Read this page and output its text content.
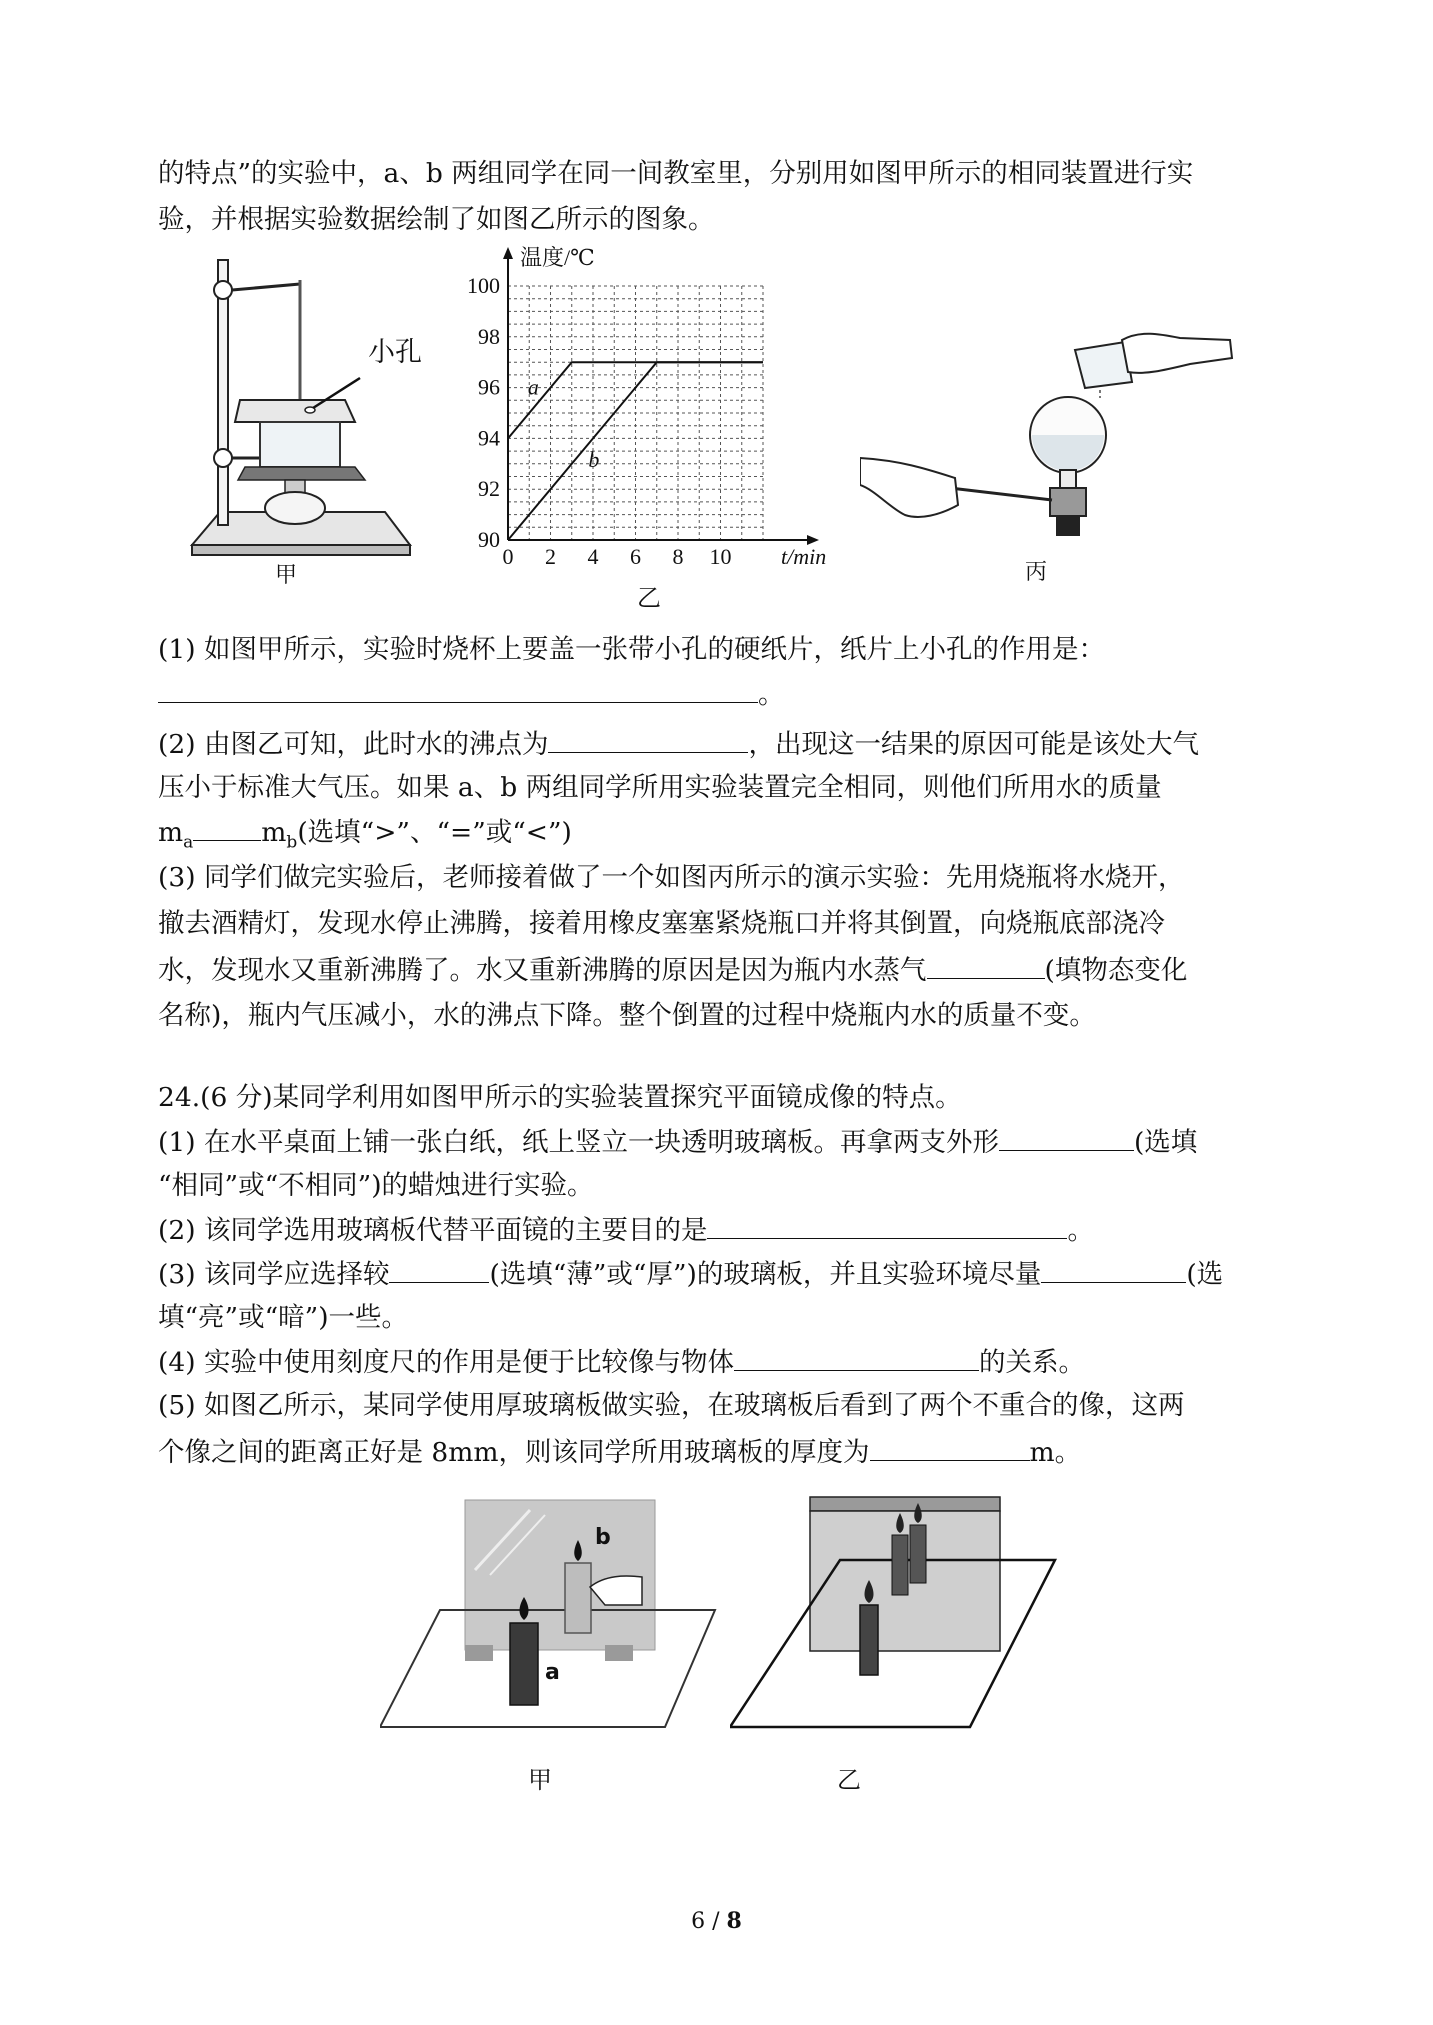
的特点”的实验中，a、b 两组同学在同一间教室里，分别用如图甲所示的相同装置进行实
验，并根据实验数据绘制了如图乙所示的图象。
小孔
甲
a
b
90
92
94
96
98
100
0 2 4 6 8 10
温度/℃
t/min
乙
丙
(1) 如图甲所示，实验时烧杯上要盖一张带小孔的硬纸片，纸片上小孔的作用是：
。
(2) 由图乙可知，此时水的沸点为	，出现这一结果的原因可能是该处大气
压小于标准大气压。如果 a、b 两组同学所用实验装置完全相同，则他们所用水的质量
$m_a$	$m_b$(选填“>”、“=”或“<”)
(3) 同学们做完实验后，老师接着做了一个如图丙所示的演示实验：先用烧瓶将水烧开，
撤去酒精灯，发现水停止沸腾，接着用橡皮塞塞紧烧瓶口并将其倒置，向烧瓶底部浇冷
水，发现水又重新沸腾了。水又重新沸腾的原因是因为瓶内水蒸气	(填物态变化
名称)，瓶内气压减小，水的沸点下降。整个倒置的过程中烧瓶内水的质量不变。
24.(6 分)某同学利用如图甲所示的实验装置探究平面镜成像的特点。
(1) 在水平桌面上铺一张白纸，纸上竖立一块透明玻璃板。再拿两支外形	(选填
“相同”或“不相同”)的蜡烛进行实验。
(2) 该同学选用玻璃板代替平面镜的主要目的是	。
(3) 该同学应选择较	(选填“薄”或“厚”)的玻璃板，并且实验环境尽量	(选
填“亮”或“暗”)一些。
(4) 实验中使用刻度尺的作用是便于比较像与物体	的关系。
(5) 如图乙所示，某同学使用厚玻璃板做实验，在玻璃板后看到了两个不重合的像，这两
个像之间的距离正好是 8mm，则该同学所用玻璃板的厚度为	m。
b
a
甲	乙
6 / 8
